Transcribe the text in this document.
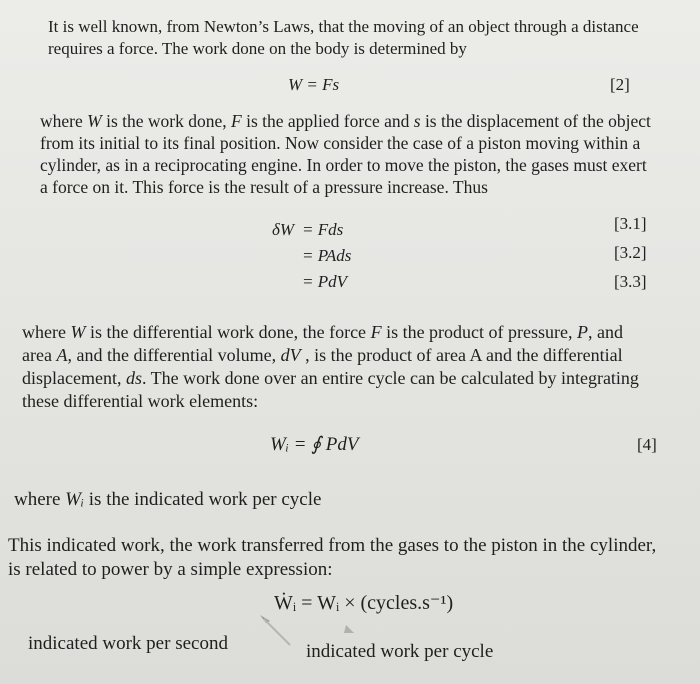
It is well known, from Newton’s Laws, that the moving of an object through a distance
requires a force. The work done on the body is determined by

W = Fs	[2]

where W is the work done, F is the applied force and s is the displacement of the object
from its initial to its final position. Now consider the case of a piston moving within a
cylinder, as in a reciprocating engine. In order to move the piston, the gases must exert
a force on it. This force is the result of a pressure increase. Thus

δW = Fds	[3.1]
= PAds	[3.2]
= PdV	[3.3]

where W is the differential work done, the force F is the product of pressure, P, and
area A, and the differential volume, dV , is the product of area A and the differential
displacement, ds. The work done over an entire cycle can be calculated by integrating
these differential work elements:

Wᵢ = ∮ PdV	[4]

where Wᵢ is the indicated work per cycle

This indicated work, the work transferred from the gases to the piston in the cylinder,
is related to power by a simple expression:

Ẇᵢ = Wᵢ × (cycles.s⁻¹)
indicated work per second	indicated work per cycle
